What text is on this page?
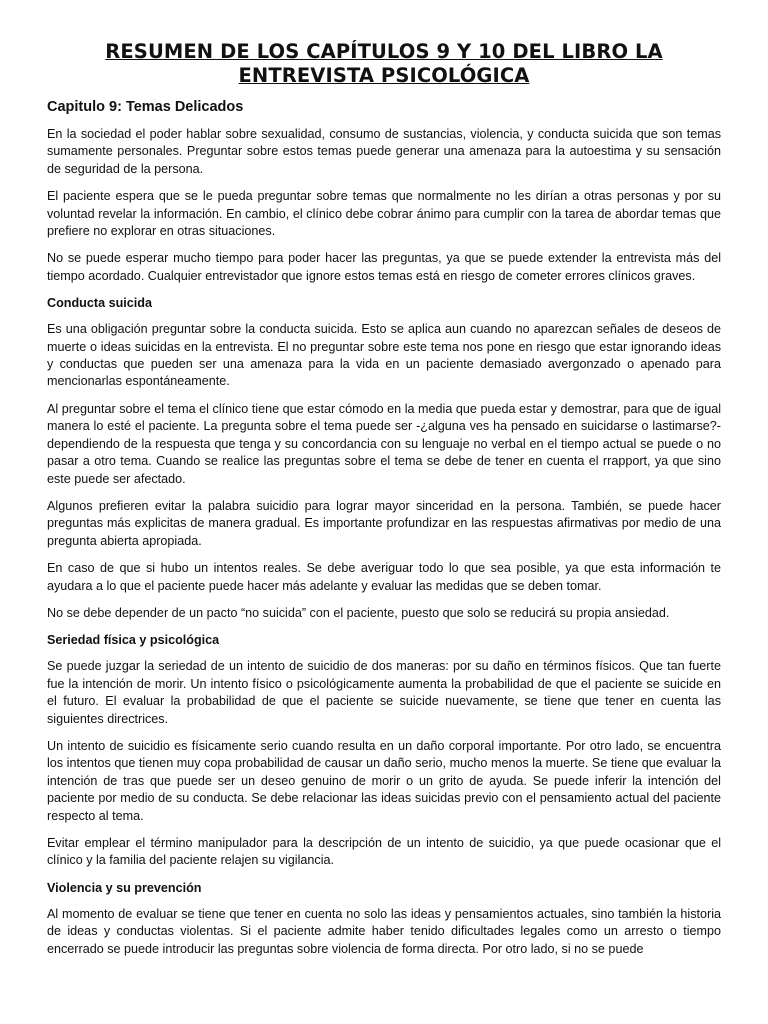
RESUMEN DE LOS CAPÍTULOS 9 Y 10 DEL LIBRO LA
ENTREVISTA PSICOLÓGICA
Capitulo 9: Temas Delicados

En la sociedad el poder hablar sobre sexualidad, consumo de sustancias, violencia, y conducta suicida que son temas sumamente personales. Preguntar sobre estos temas puede generar una amenaza para la autoestima y su sensación de seguridad de la persona.

El paciente espera que se le pueda preguntar sobre temas que normalmente no les dirían a otras personas y por su voluntad revelar la información. En cambio, el clínico debe cobrar ánimo para cumplir con la tarea de abordar temas que prefiere no explorar en otras situaciones.

No se puede esperar mucho tiempo para poder hacer las preguntas, ya que se puede extender la entrevista más del tiempo acordado. Cualquier entrevistador que ignore estos temas está en riesgo de cometer errores clínicos graves.

Conducta suicida

Es una obligación preguntar sobre la conducta suicida. Esto se aplica aun cuando no aparezcan señales de deseos de muerte o ideas suicidas en la entrevista. El no preguntar sobre este tema nos pone en riesgo que estar ignorando ideas y conductas que pueden ser una amenaza para la vida en un paciente demasiado avergonzado o apenado para mencionarlas espontáneamente.

Al preguntar sobre el tema el clínico tiene que estar cómodo en la media que pueda estar y demostrar, para que de igual manera lo esté el paciente. La pregunta sobre el tema puede ser -¿alguna ves ha pensado en suicidarse o lastimarse?- dependiendo de la respuesta que tenga y su concordancia con su lenguaje no verbal en el tiempo actual se puede o no pasar a otro tema. Cuando se realice las preguntas sobre el tema se debe de tener en cuenta el rrapport, ya que sino este puede ser afectado.

Algunos prefieren evitar la palabra suicidio para lograr mayor sinceridad en la persona. También, se puede hacer preguntas más explicitas de manera gradual. Es importante profundizar en las respuestas afirmativas por medio de una pregunta abierta apropiada.

En caso de que si hubo un intentos reales. Se debe averiguar todo lo que sea posible, ya que esta información te ayudara a lo que el paciente puede hacer más adelante y evaluar las medidas que se deben tomar.

No se debe depender de un pacto “no suicida” con el paciente, puesto que solo se reducirá su propia ansiedad.

Seriedad física y psicológica

Se puede juzgar la seriedad de un intento de suicidio de dos maneras: por su daño en términos físicos. Que tan fuerte fue la intención de morir. Un intento físico o psicológicamente aumenta la probabilidad de que el paciente se suicide en el futuro. El evaluar la probabilidad de que el paciente se suicide nuevamente, se tiene que tener en cuenta las siguientes directrices.

Un intento de suicidio es físicamente serio cuando resulta en un daño corporal importante. Por otro lado, se encuentra los intentos que tienen muy copa probabilidad de causar un daño serio, mucho menos la muerte. Se tiene que evaluar la intención de tras que puede ser un deseo genuino de morir o un grito de ayuda. Se puede inferir la intención del paciente por medio de su conducta. Se debe relacionar las ideas suicidas previo con el pensamiento actual del paciente respecto al tema.

Evitar emplear el término manipulador para la descripción de un intento de suicidio, ya que puede ocasionar que el clínico y la familia del paciente relajen su vigilancia.

Violencia y su prevención

Al momento de evaluar se tiene que tener en cuenta no solo las ideas y pensamientos actuales, sino también la historia de ideas y conductas violentas. Si el paciente admite haber tenido dificultades legales como un arresto o tiempo encerrado se puede introducir las preguntas sobre violencia de forma directa. Por otro lado, si no se puede
